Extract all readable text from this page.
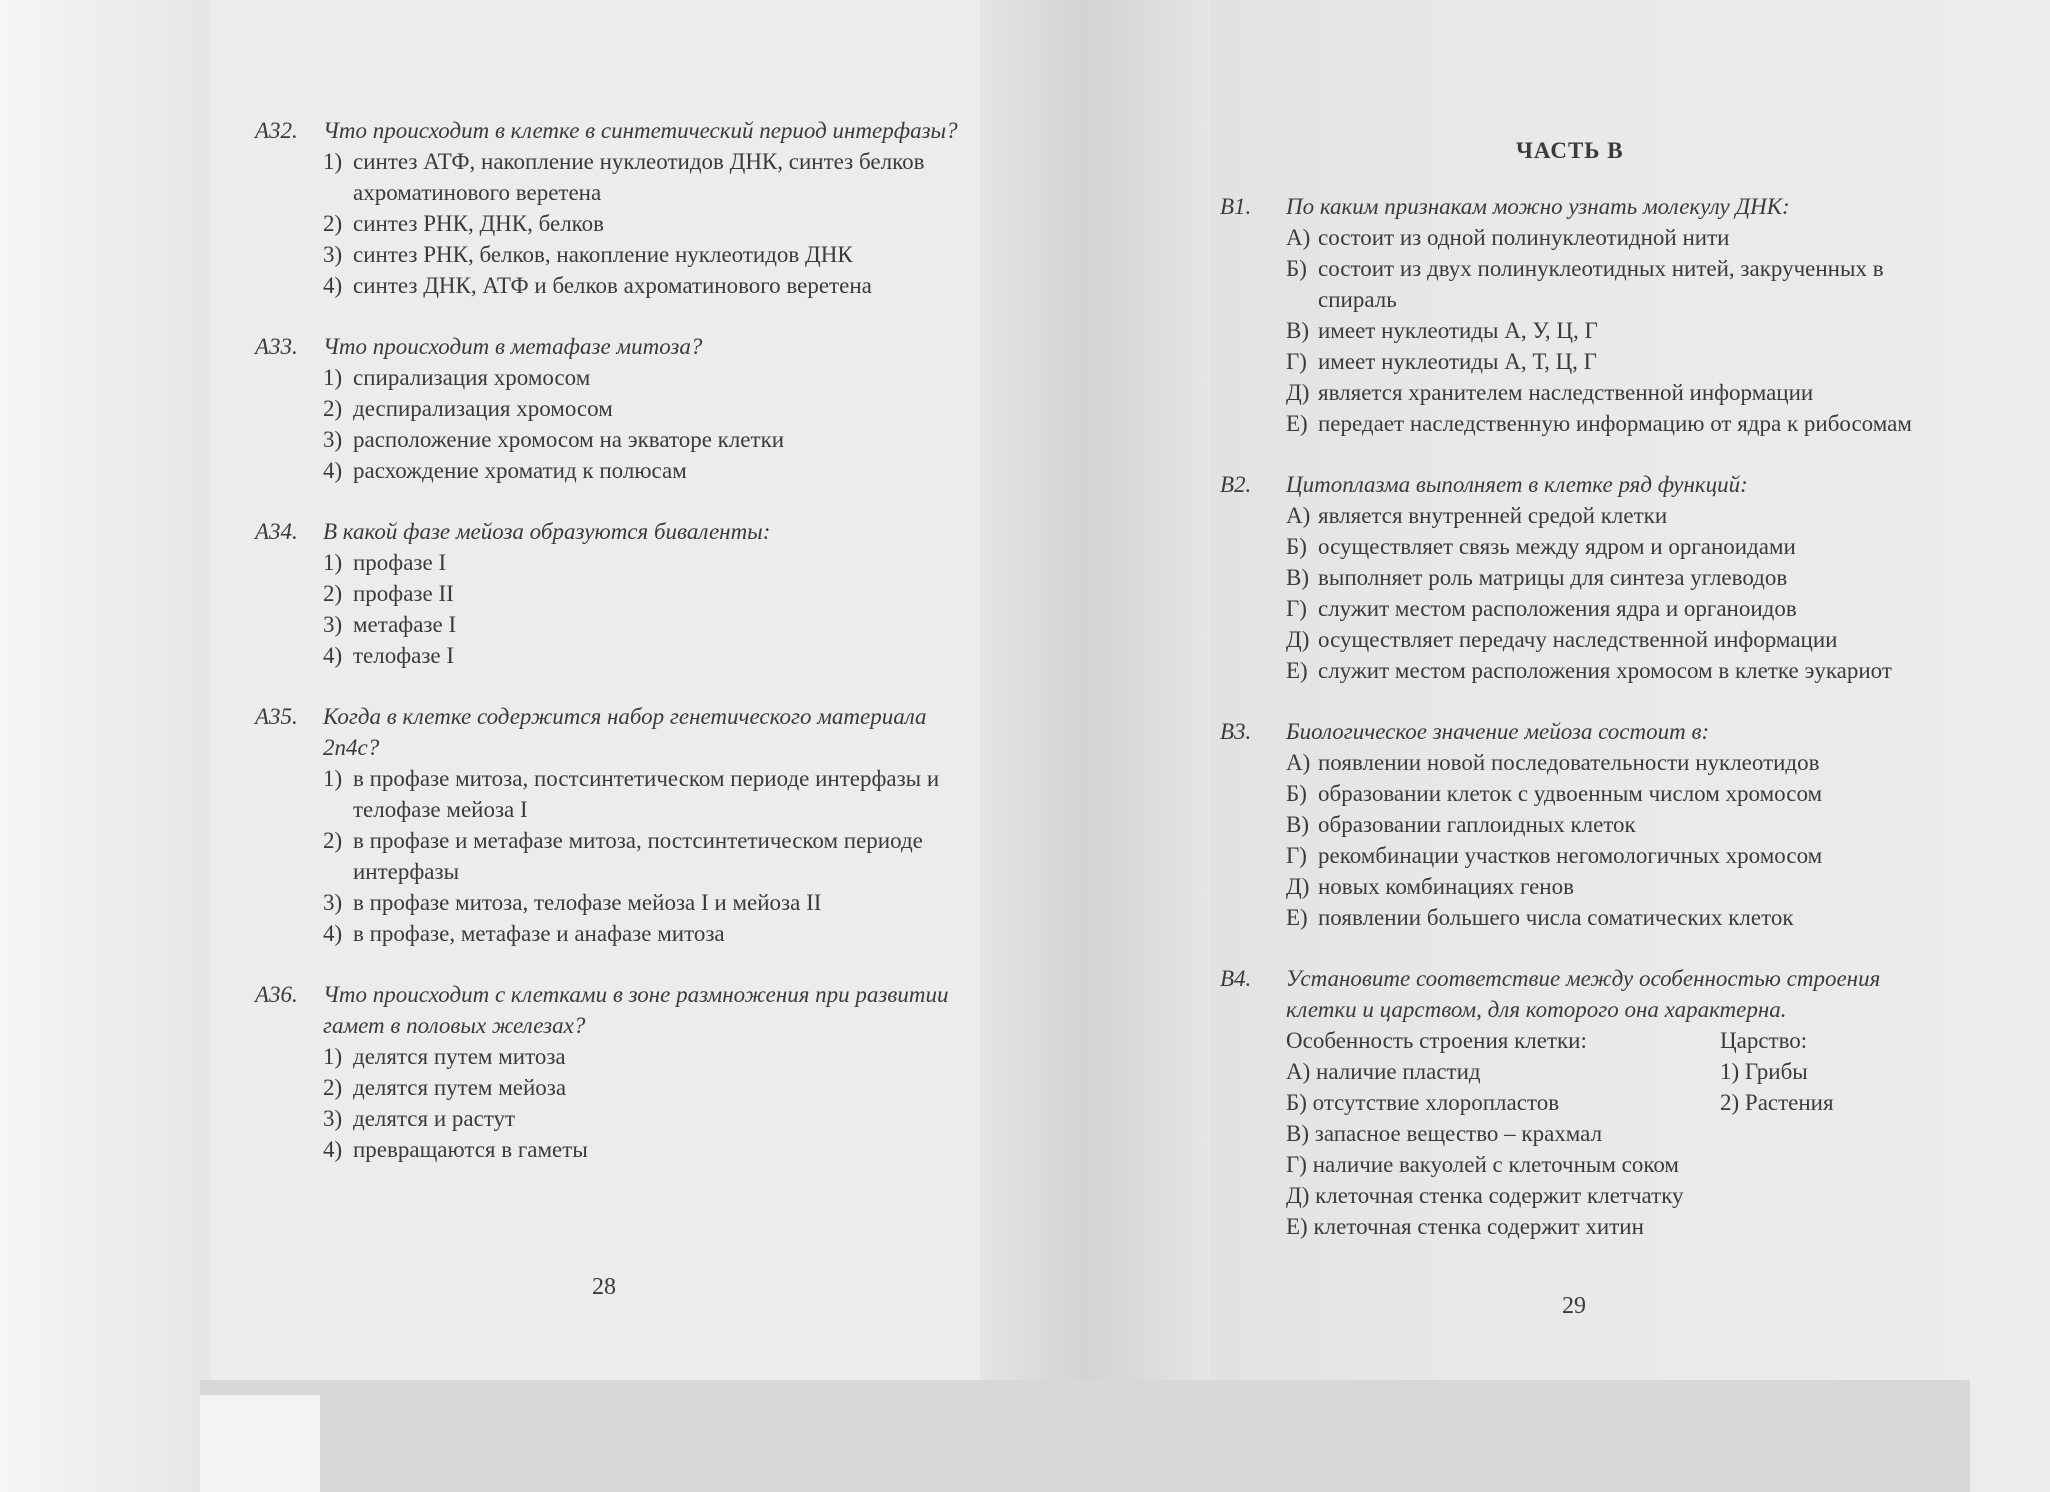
А32. Что происходит в клетке в синтетический период интерфазы?
1) синтез АТФ, накопление нуклеотидов ДНК, синтез белков ахроматинового веретена
2) синтез РНК, ДНК, белков
3) синтез РНК, белков, накопление нуклеотидов ДНК
4) синтез ДНК, АТФ и белков ахроматинового веретена
А33. Что происходит в метафазе митоза?
1) спирализация хромосом
2) деспирализация хромосом
3) расположение хромосом на экваторе клетки
4) расхождение хроматид к полюсам
А34. В какой фазе мейоза образуются биваленты:
1) профазе I
2) профазе II
3) метафазе I
4) телофазе I
А35. Когда в клетке содержится набор генетического материала 2n4c?
1) в профазе митоза, постсинтетическом периоде интерфазы и телофазе мейоза I
2) в профазе и метафазе митоза, постсинтетическом периоде интерфазы
3) в профазе митоза, телофазе мейоза I и мейоза II
4) в профазе, метафазе и анафазе митоза
А36. Что происходит с клетками в зоне размножения при развитии гамет в половых железах?
1) делятся путем митоза
2) делятся путем мейоза
3) делятся и растут
4) превращаются в гаметы
28
ЧАСТЬ В
В1. По каким признакам можно узнать молекулу ДНК:
А) состоит из одной полинуклеотидной нити
Б) состоит из двух полинуклеотидных нитей, закрученных в спираль
В) имеет нуклеотиды А, У, Ц, Г
Г) имеет нуклеотиды А, Т, Ц, Г
Д) является хранителем наследственной информации
Е) передает наследственную информацию от ядра к рибосомам
В2. Цитоплазма выполняет в клетке ряд функций:
А) является внутренней средой клетки
Б) осуществляет связь между ядром и органоидами
В) выполняет роль матрицы для синтеза углеводов
Г) служит местом расположения ядра и органоидов
Д) осуществляет передачу наследственной информации
Е) служит местом расположения хромосом в клетке эукариот
В3. Биологическое значение мейоза состоит в:
А) появлении новой последовательности нуклеотидов
Б) образовании клеток с удвоенным числом хромосом
В) образовании гаплоидных клеток
Г) рекомбинации участков негомологичных хромосом
Д) новых комбинациях генов
Е) появлении большего числа соматических клеток
В4. Установите соответствие между особенностью строения клетки и царством, для которого она характерна.
Особенность строения клетки:
А) наличие пластид
Б) отсутствие хлоропластов
В) запасное вещество – крахмал
Г) наличие вакуолей с клеточным соком
Д) клеточная стенка содержит клетчатку
Е) клеточная стенка содержит хитин
Царство:
1) Грибы
2) Растения
29
